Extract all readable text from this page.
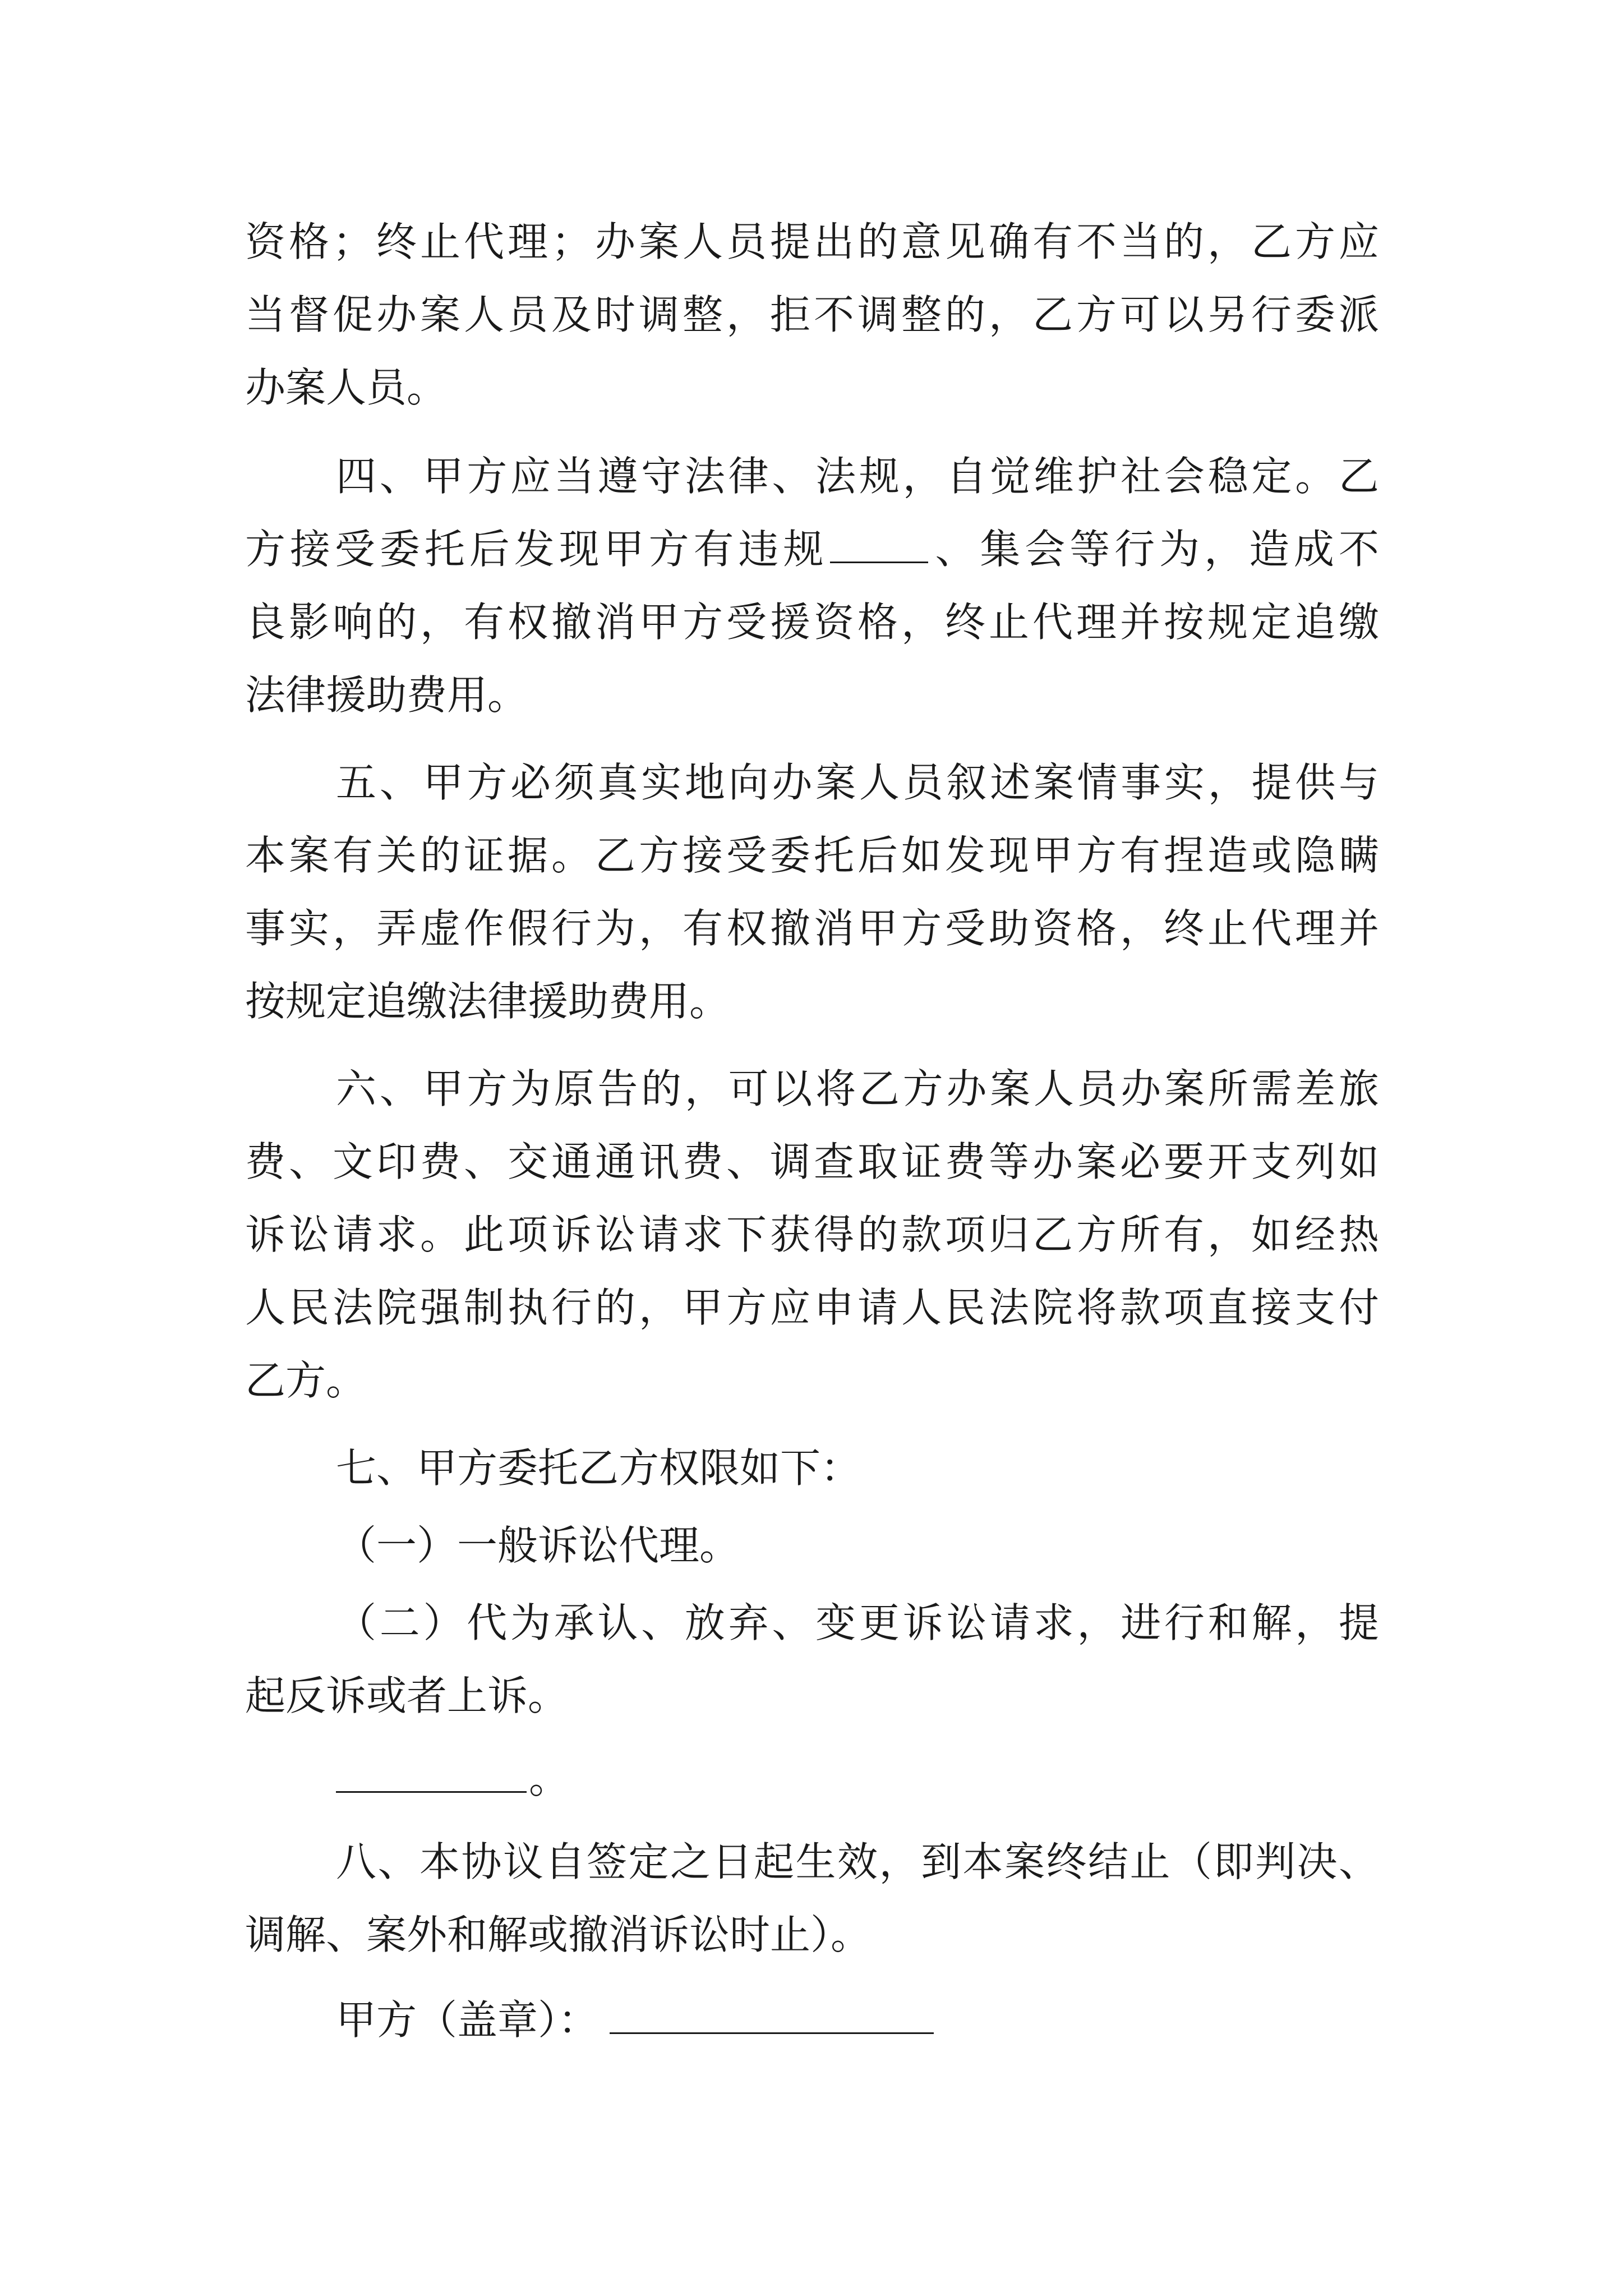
资格；终止代理；办案人员提出的意见确有不当的，乙方应
当督促办案人员及时调整，拒不调整的，乙方可以另行委派
办案人员。
四、甲方应当遵守法律、法规，自觉维护社会稳定。乙
方接受委托后发现甲方有违规	、集会等行为，造成不
良影响的，有权撤消甲方受援资格，终止代理并按规定追缴
法律援助费用。
五、甲方必须真实地向办案人员叙述案情事实，提供与
本案有关的证据。乙方接受委托后如发现甲方有捏造或隐瞒
事实，弄虚作假行为，有权撤消甲方受助资格，终止代理并
按规定追缴法律援助费用。
六、甲方为原告的，可以将乙方办案人员办案所需差旅
费、文印费、交通通讯费、调查取证费等办案必要开支列如
诉讼请求。此项诉讼请求下获得的款项归乙方所有，如经热
人民法院强制执行的，甲方应申请人民法院将款项直接支付
乙方。
七、甲方委托乙方权限如下：
（一）一般诉讼代理。
（二）代为承认、放弃、变更诉讼请求，进行和解，提
起反诉或者上诉。
。
八、本协议自签定之日起生效，到本案终结止（即判决、
调解、案外和解或撤消诉讼时止）。
甲方（盖章）：
